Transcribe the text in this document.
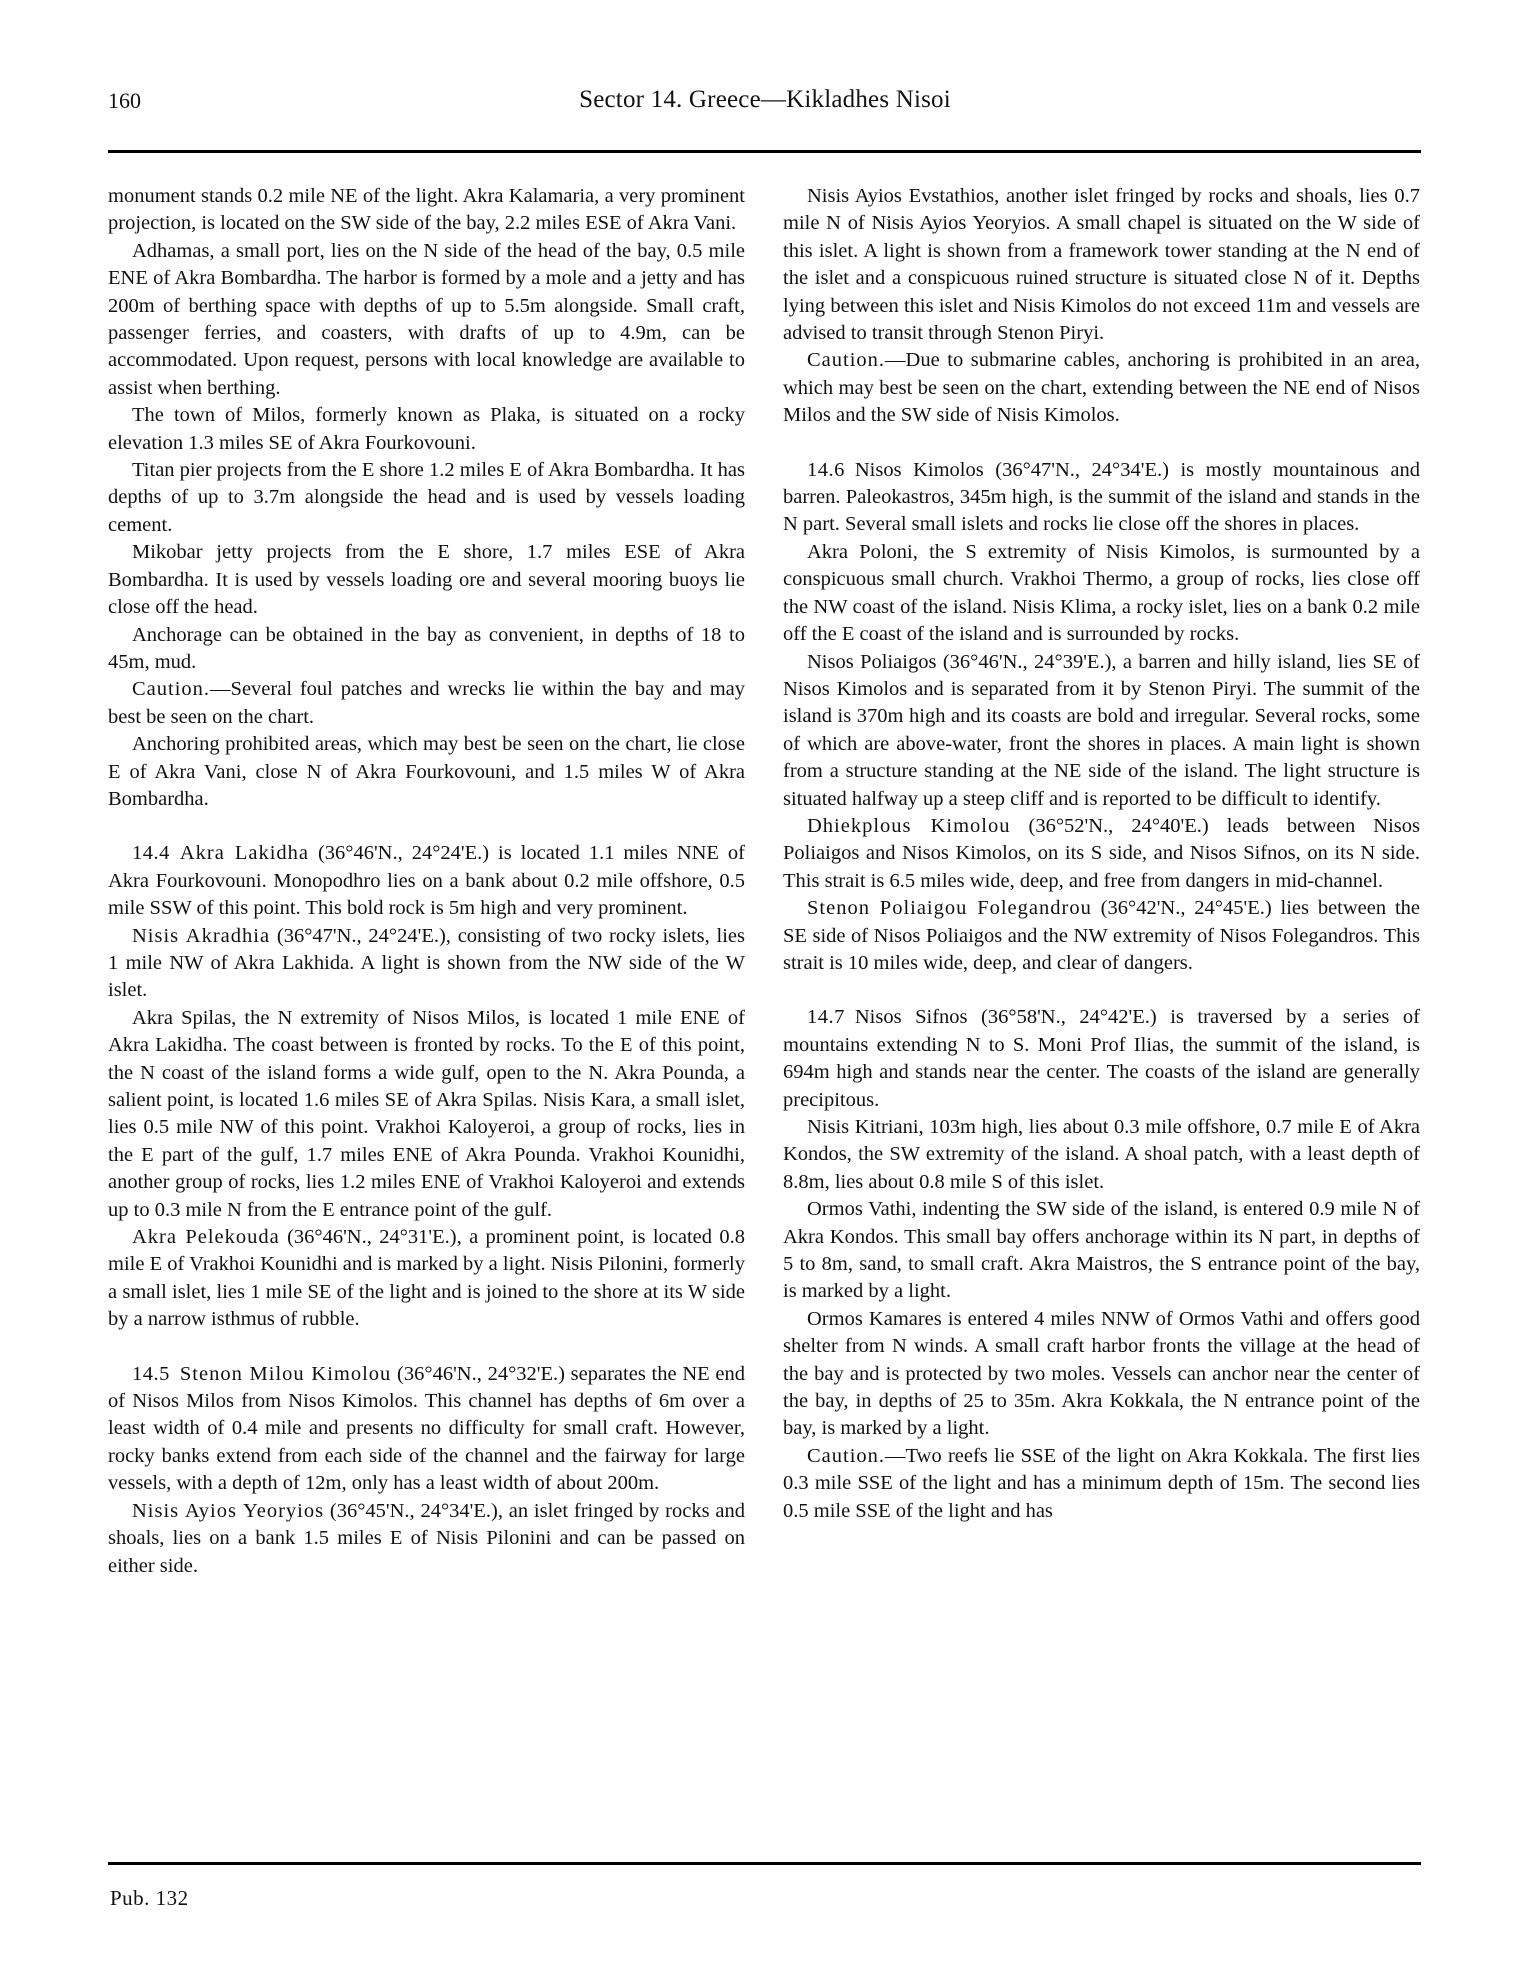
160	Sector 14. Greece—Kikladhes Nisoi

monument stands 0.2 mile NE of the light. Akra Kalamaria, a very prominent projection, is located on the SW side of the bay, 2.2 miles ESE of Akra Vani.

Adhamas, a small port, lies on the N side of the head of the bay, 0.5 mile ENE of Akra Bombardha. The harbor is formed by a mole and a jetty and has 200m of berthing space with depths of up to 5.5m alongside. Small craft, passenger ferries, and coasters, with drafts of up to 4.9m, can be accommodated. Upon request, persons with local knowledge are available to assist when berthing.

The town of Milos, formerly known as Plaka, is situated on a rocky elevation 1.3 miles SE of Akra Fourkovouni.

Titan pier projects from the E shore 1.2 miles E of Akra Bombardha. It has depths of up to 3.7m alongside the head and is used by vessels loading cement.

Mikobar jetty projects from the E shore, 1.7 miles ESE of Akra Bombardha. It is used by vessels loading ore and several mooring buoys lie close off the head.

Anchorage can be obtained in the bay as convenient, in depths of 18 to 45m, mud.

Caution.—Several foul patches and wrecks lie within the bay and may best be seen on the chart.

Anchoring prohibited areas, which may best be seen on the chart, lie close E of Akra Vani, close N of Akra Fourkovouni, and 1.5 miles W of Akra Bombardha.

14.4 Akra Lakidha (36°46'N., 24°24'E.) is located 1.1 miles NNE of Akra Fourkovouni. Monopodhro lies on a bank about 0.2 mile offshore, 0.5 mile SSW of this point. This bold rock is 5m high and very prominent.

Nisis Akradhia (36°47'N., 24°24'E.), consisting of two rocky islets, lies 1 mile NW of Akra Lakhida. A light is shown from the NW side of the W islet.

Akra Spilas, the N extremity of Nisos Milos, is located 1 mile ENE of Akra Lakidha. The coast between is fronted by rocks. To the E of this point, the N coast of the island forms a wide gulf, open to the N. Akra Pounda, a salient point, is located 1.6 miles SE of Akra Spilas. Nisis Kara, a small islet, lies 0.5 mile NW of this point. Vrakhoi Kaloyeroi, a group of rocks, lies in the E part of the gulf, 1.7 miles ENE of Akra Pounda. Vrakhoi Kounidhi, another group of rocks, lies 1.2 miles ENE of Vrakhoi Kaloyeroi and extends up to 0.3 mile N from the E entrance point of the gulf.

Akra Pelekouda (36°46'N., 24°31'E.), a prominent point, is located 0.8 mile E of Vrakhoi Kounidhi and is marked by a light. Nisis Pilonini, formerly a small islet, lies 1 mile SE of the light and is joined to the shore at its W side by a narrow isthmus of rubble.

14.5 Stenon Milou Kimolou (36°46'N., 24°32'E.) separates the NE end of Nisos Milos from Nisos Kimolos. This channel has depths of 6m over a least width of 0.4 mile and presents no difficulty for small craft. However, rocky banks extend from each side of the channel and the fairway for large vessels, with a depth of 12m, only has a least width of about 200m.

Nisis Ayios Yeoryios (36°45'N., 24°34'E.), an islet fringed by rocks and shoals, lies on a bank 1.5 miles E of Nisis Pilonini and can be passed on either side.

Nisis Ayios Evstathios, another islet fringed by rocks and shoals, lies 0.7 mile N of Nisis Ayios Yeoryios. A small chapel is situated on the W side of this islet. A light is shown from a framework tower standing at the N end of the islet and a conspicuous ruined structure is situated close N of it. Depths lying between this islet and Nisis Kimolos do not exceed 11m and vessels are advised to transit through Stenon Piryi.

Caution.—Due to submarine cables, anchoring is prohibited in an area, which may best be seen on the chart, extending between the NE end of Nisos Milos and the SW side of Nisis Kimolos.

14.6 Nisos Kimolos (36°47'N., 24°34'E.) is mostly mountainous and barren. Paleokastros, 345m high, is the summit of the island and stands in the N part. Several small islets and rocks lie close off the shores in places.

Akra Poloni, the S extremity of Nisis Kimolos, is surmounted by a conspicuous small church. Vrakhoi Thermo, a group of rocks, lies close off the NW coast of the island. Nisis Klima, a rocky islet, lies on a bank 0.2 mile off the E coast of the island and is surrounded by rocks.

Nisos Poliaigos (36°46'N., 24°39'E.), a barren and hilly island, lies SE of Nisos Kimolos and is separated from it by Stenon Piryi. The summit of the island is 370m high and its coasts are bold and irregular. Several rocks, some of which are above-water, front the shores in places. A main light is shown from a structure standing at the NE side of the island. The light structure is situated halfway up a steep cliff and is reported to be difficult to identify.

Dhiekplous Kimolou (36°52'N., 24°40'E.) leads between Nisos Poliaigos and Nisos Kimolos, on its S side, and Nisos Sifnos, on its N side. This strait is 6.5 miles wide, deep, and free from dangers in mid-channel.

Stenon Poliaigou Folegandrou (36°42'N., 24°45'E.) lies between the SE side of Nisos Poliaigos and the NW extremity of Nisos Folegandros. This strait is 10 miles wide, deep, and clear of dangers.

14.7 Nisos Sifnos (36°58'N., 24°42'E.) is traversed by a series of mountains extending N to S. Moni Prof Ilias, the summit of the island, is 694m high and stands near the center. The coasts of the island are generally precipitous.

Nisis Kitriani, 103m high, lies about 0.3 mile offshore, 0.7 mile E of Akra Kondos, the SW extremity of the island. A shoal patch, with a least depth of 8.8m, lies about 0.8 mile S of this islet.

Ormos Vathi, indenting the SW side of the island, is entered 0.9 mile N of Akra Kondos. This small bay offers anchorage within its N part, in depths of 5 to 8m, sand, to small craft. Akra Maistros, the S entrance point of the bay, is marked by a light.

Ormos Kamares is entered 4 miles NNW of Ormos Vathi and offers good shelter from N winds. A small craft harbor fronts the village at the head of the bay and is protected by two moles. Vessels can anchor near the center of the bay, in depths of 25 to 35m. Akra Kokkala, the N entrance point of the bay, is marked by a light.

Caution.—Two reefs lie SSE of the light on Akra Kokkala. The first lies 0.3 mile SSE of the light and has a minimum depth of 15m. The second lies 0.5 mile SSE of the light and has

Pub. 132
